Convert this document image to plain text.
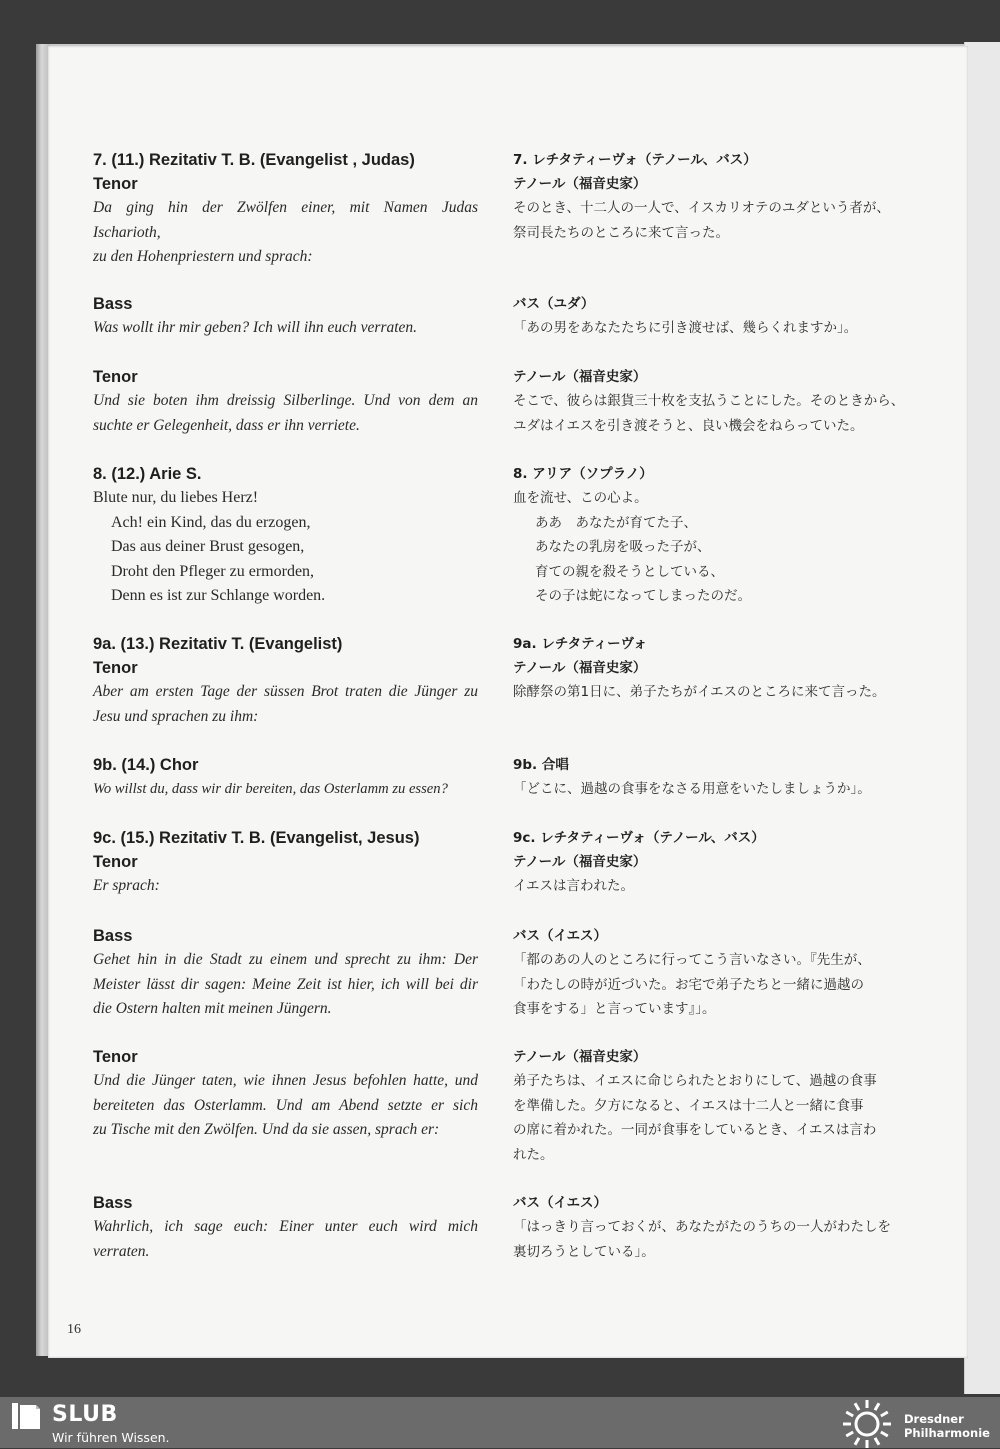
7. (11.) Rezitativ T. B. (Evangelist , Judas)

Tenor

Da ging hin der Zwölfen einer, mit Namen Judas
Ischarioth,
zu den Hohenpriestern und sprach:

Bass

Was wollt ihr mir geben? Ich will ihn euch verraten.

Tenor

Und sie boten ihm dreissig Silberlinge. Und von dem an
suchte er Gelegenheit, dass er ihn verriete.

8. (12.) Arie S.

Blute nur, du liebes Herz!
Ach! ein Kind, das du erzogen,
Das aus deiner Brust gesogen,
Droht den Pfleger zu ermorden,
Denn es ist zur Schlange worden.

9a. (13.) Rezitativ T. (Evangelist)

Tenor

Aber am ersten Tage der süssen Brot traten die Jünger zu
Jesu und sprachen zu ihm:

9b. (14.) Chor

Wo willst du, dass wir dir bereiten, das Osterlamm zu essen?

9c. (15.) Rezitativ T. B. (Evangelist, Jesus)

Tenor

Er sprach:

Bass

Gehet hin in die Stadt zu einem und sprecht zu ihm: Der
Meister lässt dir sagen: Meine Zeit ist hier, ich will bei dir
die Ostern halten mit meinen Jüngern.

Tenor

Und die Jünger taten, wie ihnen Jesus befohlen hatte, und
bereiteten das Osterlamm. Und am Abend setzte er sich
zu Tische mit den Zwölfen. Und da sie assen, sprach er:

Bass

Wahrlich, ich sage euch: Einer unter euch wird mich
verraten.

7. レチタティーヴォ（テノール、バス）

テノール（福音史家）

そのとき、十二人の一人で、イスカリオテのユダという者が、
祭司長たちのところに来て言った。

バス（ユダ）

「あの男をあなたたちに引き渡せば、幾らくれますか」。

テノール（福音史家）

そこで、彼らは銀貨三十枚を支払うことにした。そのときから、
ユダはイエスを引き渡そうと、良い機会をねらっていた。

8. アリア（ソプラノ）

血を流せ、この心よ。
ああ　あなたが育てた子、
あなたの乳房を吸った子が、
育ての親を殺そうとしている、
その子は蛇になってしまったのだ。

9a. レチタティーヴォ

テノール（福音史家）

除酵祭の第1日に、弟子たちがイエスのところに来て言った。

9b. 合唱

「どこに、過越の食事をなさる用意をいたしましょうか」。

9c. レチタティーヴォ（テノール、バス）

テノール（福音史家）

イエスは言われた。

バス（イエス）

「都のあの人のところに行ってこう言いなさい。『先生が、
「わたしの時が近づいた。お宅で弟子たちと一緒に過越の
食事をする」と言っています』」。

テノール（福音史家）

弟子たちは、イエスに命じられたとおりにして、過越の食事
を準備した。夕方になると、イエスは十二人と一緒に食事
の席に着かれた。一同が食事をしているとき、イエスは言わ
れた。

バス（イエス）

「はっきり言っておくが、あなたがたのうちの一人がわたしを
裏切ろうとしている」。
16
SLUB
Wir führen Wissen.
Dresdner
Philharmonie
